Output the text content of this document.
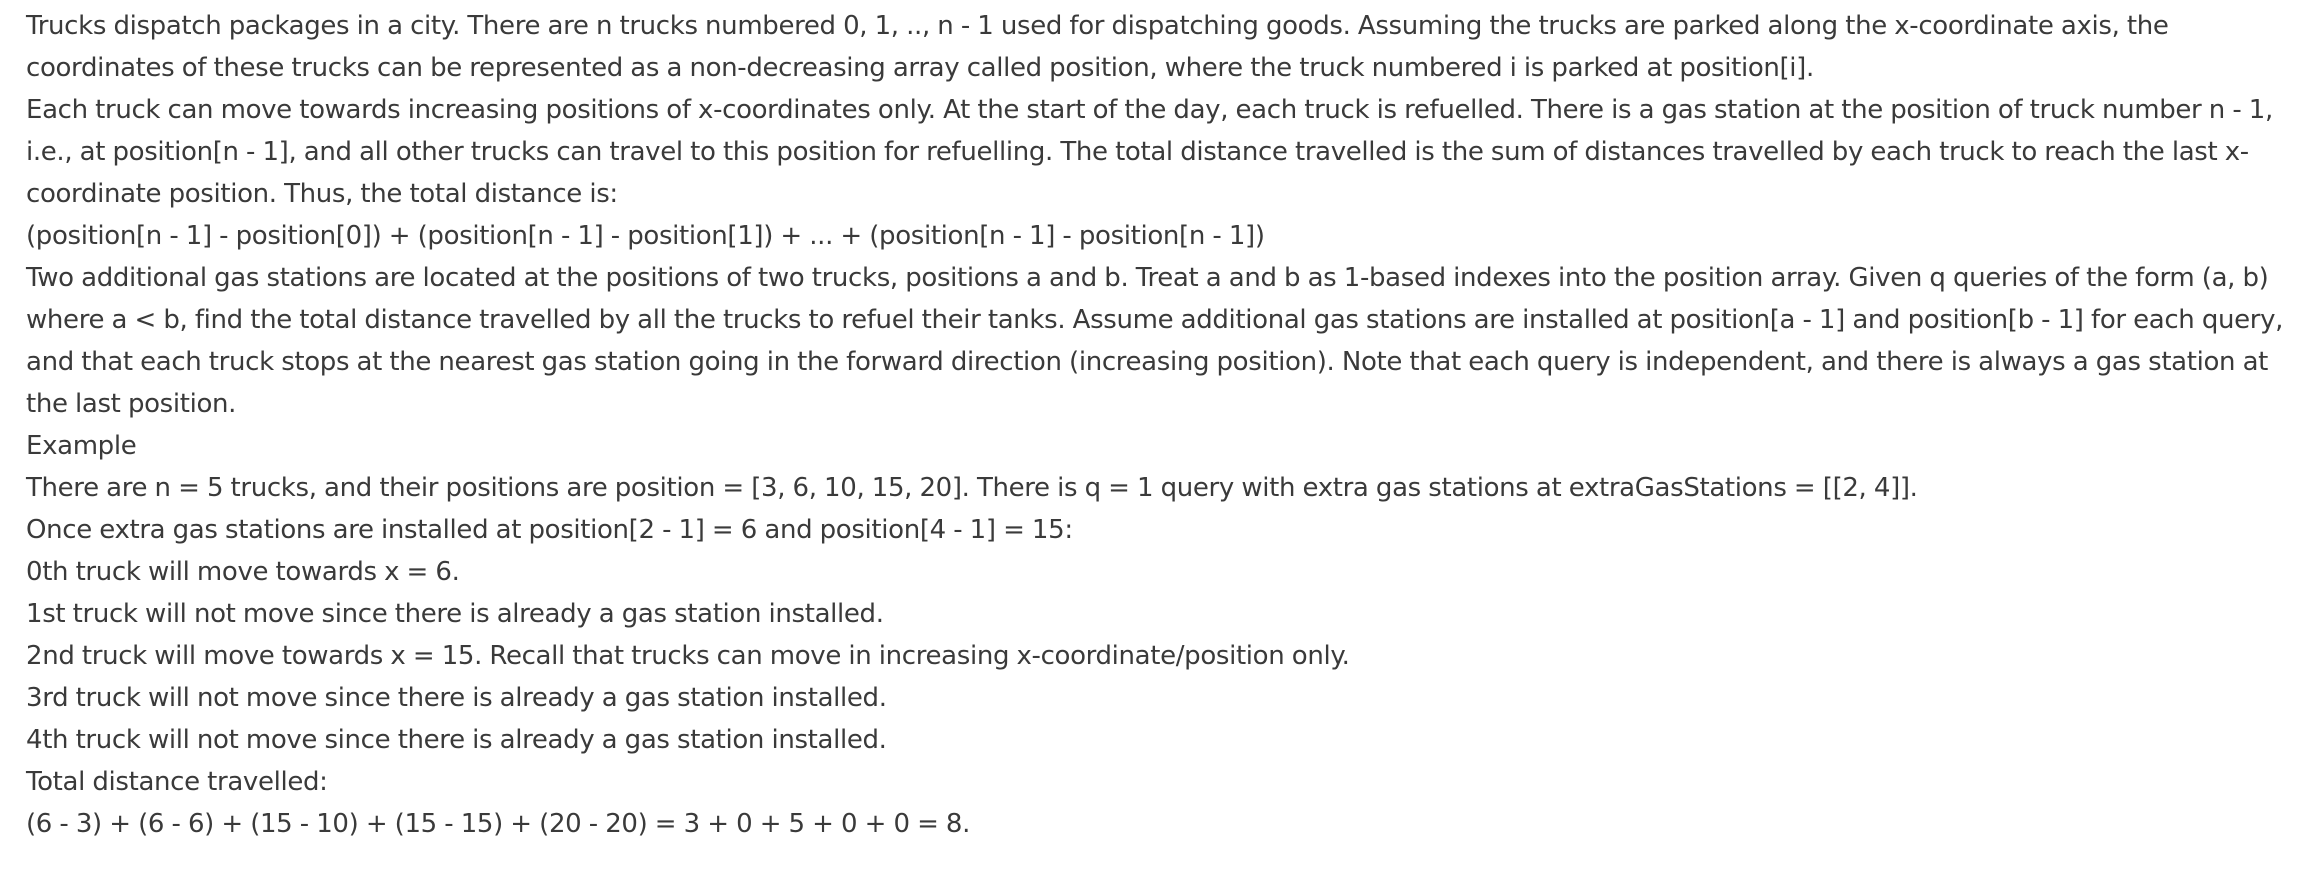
Trucks dispatch packages in a city. There are n trucks numbered 0, 1, .., n - 1 used for dispatching goods. Assuming the trucks are parked along the x-coordinate axis, the coordinates of these trucks can be represented as a non-decreasing array called position, where the truck numbered i is parked at position[i].

Each truck can move towards increasing positions of x-coordinates only. At the start of the day, each truck is refuelled. There is a gas station at the position of truck number n - 1, i.e., at position[n - 1], and all other trucks can travel to this position for refuelling. The total distance travelled is the sum of distances travelled by each truck to reach the last x-coordinate position. Thus, the total distance is:

(position[n - 1] - position[0]) + (position[n - 1] - position[1]) + ... + (position[n - 1] - position[n - 1])

Two additional gas stations are located at the positions of two trucks, positions a and b. Treat a and b as 1-based indexes into the position array. Given q queries of the form (a, b) where a < b, find the total distance travelled by all the trucks to refuel their tanks. Assume additional gas stations are installed at position[a - 1] and position[b - 1] for each query, and that each truck stops at the nearest gas station going in the forward direction (increasing position). Note that each query is independent, and there is always a gas station at the last position.

Example

There are n = 5 trucks, and their positions are position = [3, 6, 10, 15, 20]. There is q = 1 query with extra gas stations at extraGasStations = [[2, 4]].

Once extra gas stations are installed at position[2 - 1] = 6 and position[4 - 1] = 15:

0th truck will move towards x = 6.

1st truck will not move since there is already a gas station installed.

2nd truck will move towards x = 15. Recall that trucks can move in increasing x-coordinate/position only.

3rd truck will not move since there is already a gas station installed.

4th truck will not move since there is already a gas station installed.

Total distance travelled:

(6 - 3) + (6 - 6) + (15 - 10) + (15 - 15) + (20 - 20) = 3 + 0 + 5 + 0 + 0 = 8.
